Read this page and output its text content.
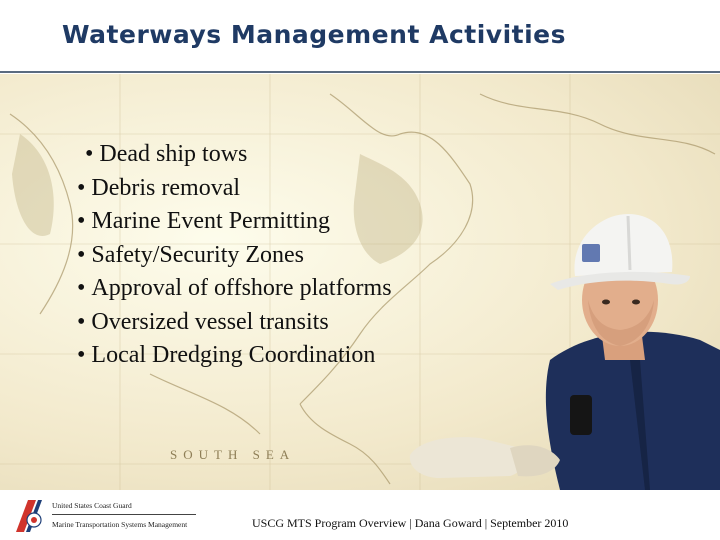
Waterways Management Activities
SOUTH SEA
• Dead ship tows
• Debris removal
• Marine Event Permitting
• Safety/Security Zones
• Approval of offshore platforms
• Oversized vessel transits
• Local Dredging Coordination
United States Coast Guard
Marine Transportation Systems Management	USCG MTS Program Overview | Dana Goward | September 2010
